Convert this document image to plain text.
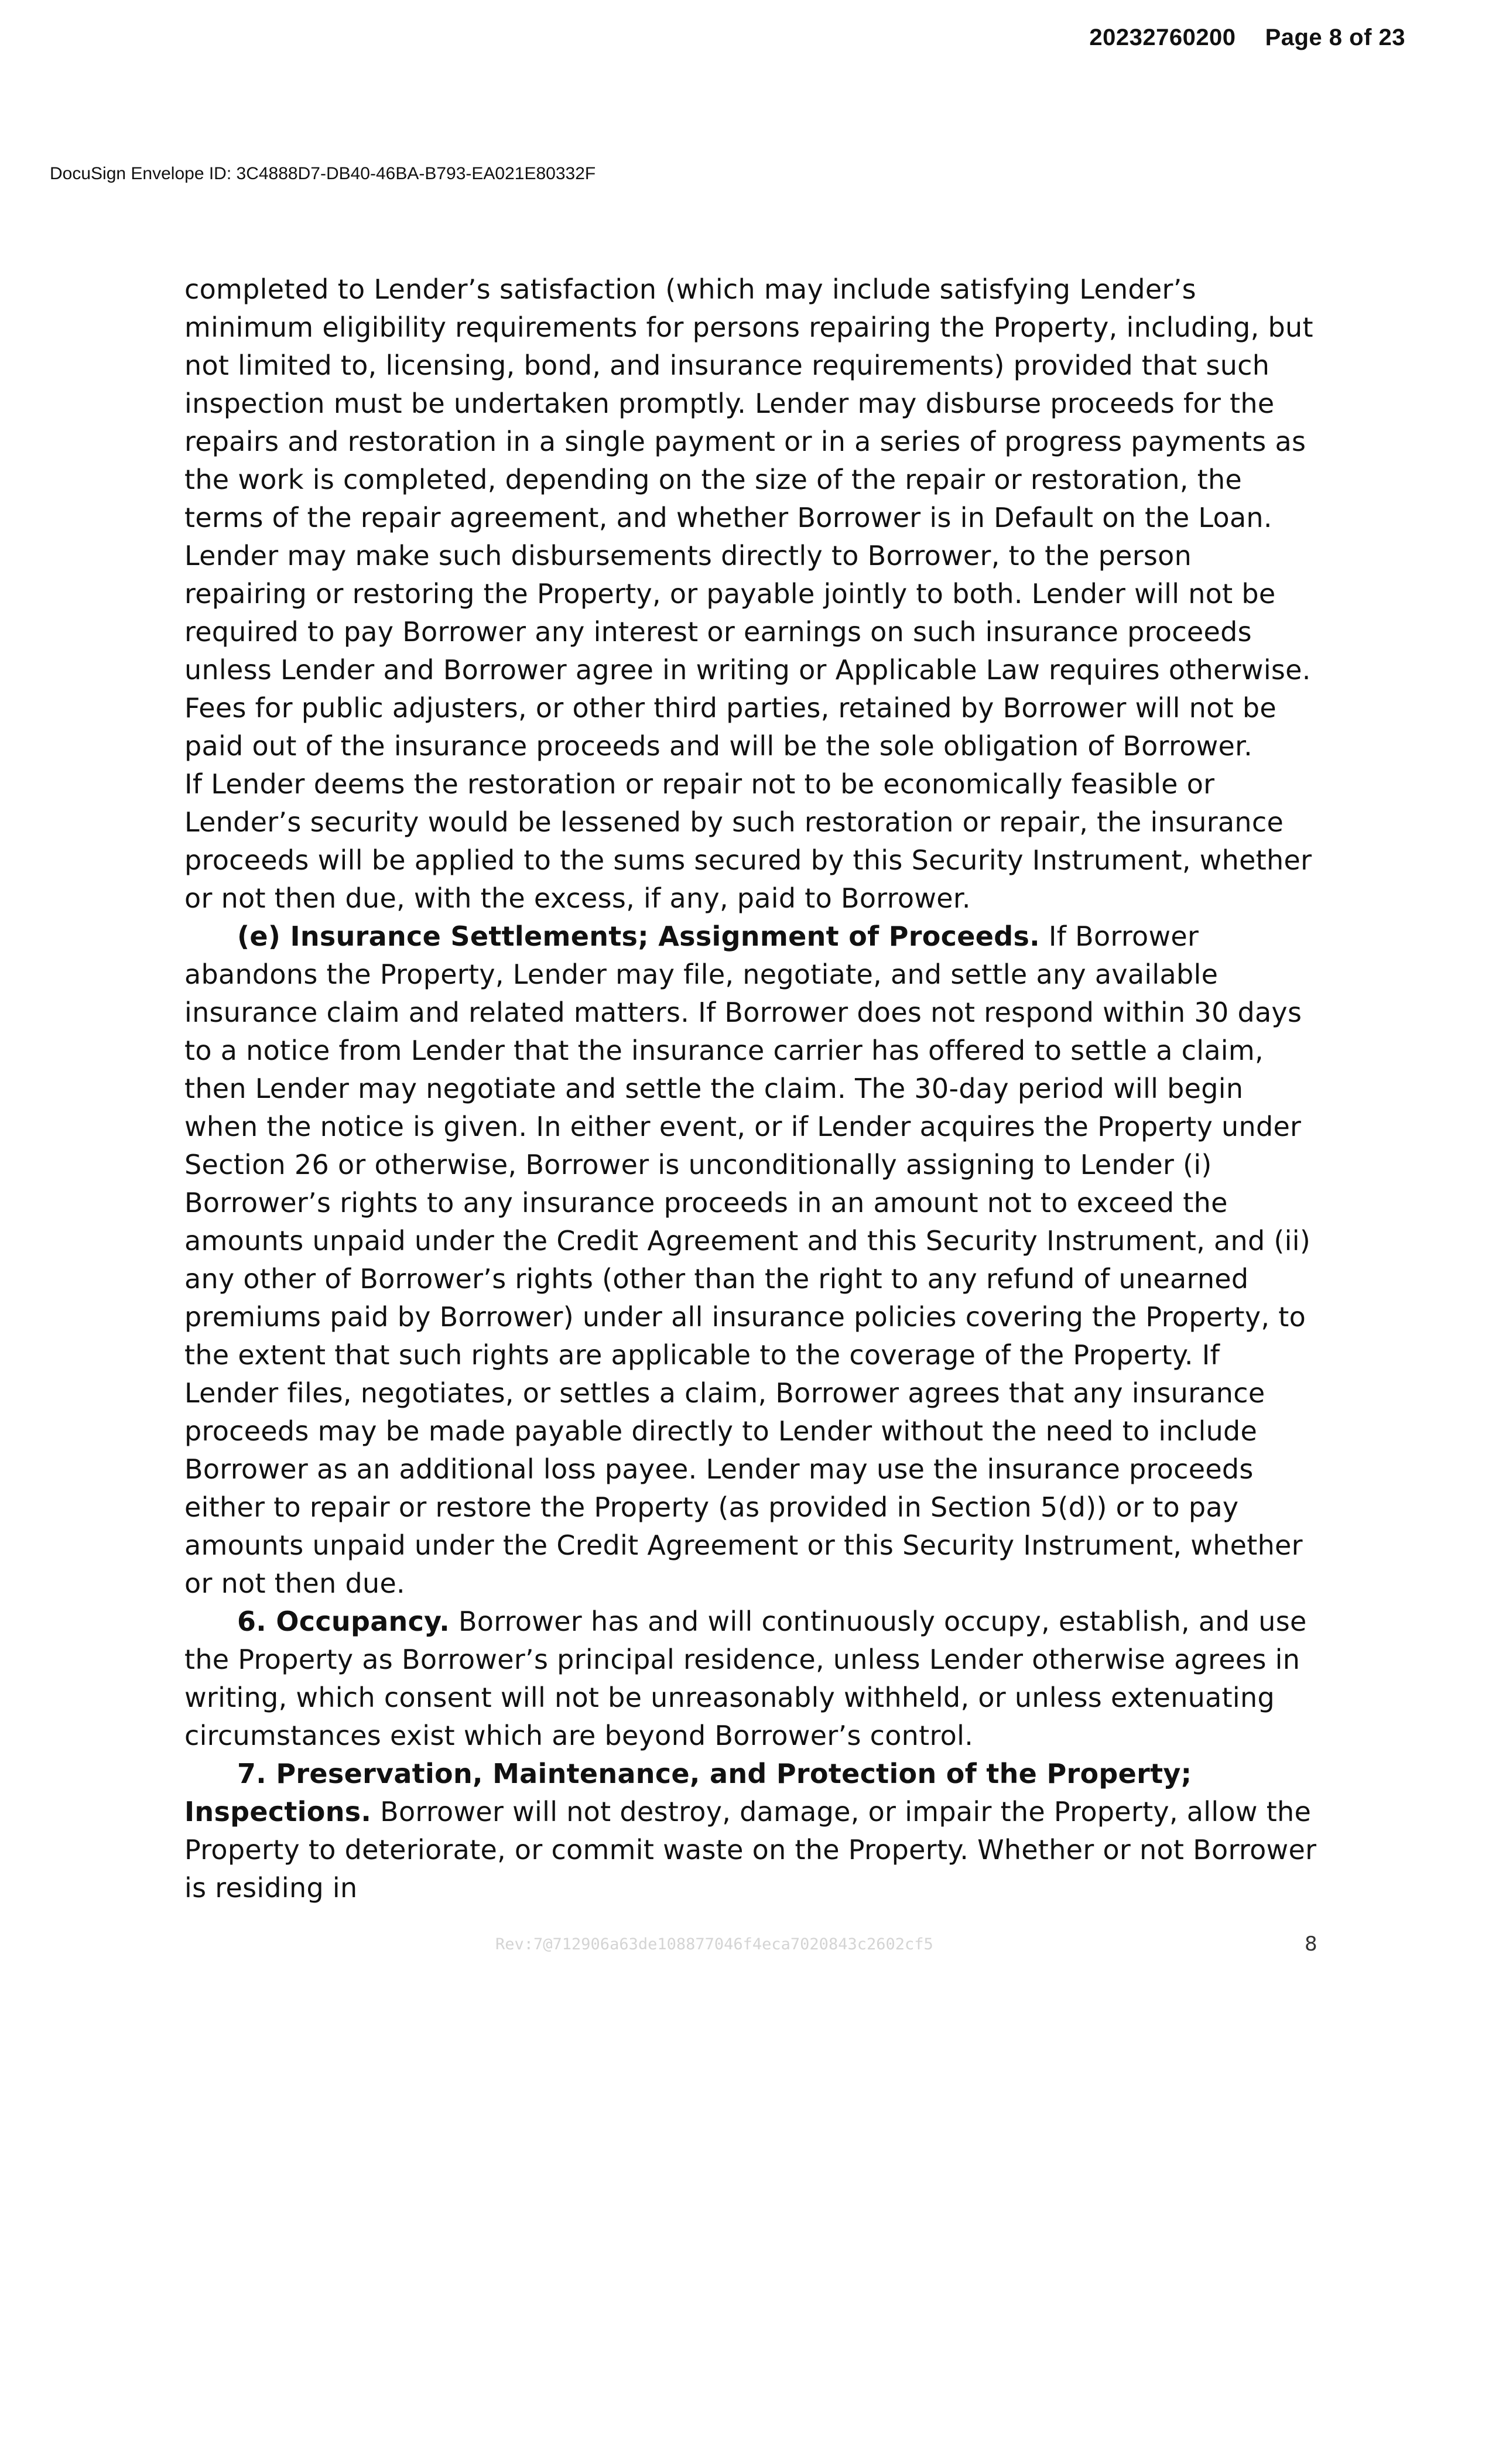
20232760200 Page 8 of 23
DocuSign Envelope ID: 3C4888D7-DB40-46BA-B793-EA021E80332F

completed to Lender’s satisfaction (which may include satisfying Lender’s minimum eligibility requirements for persons repairing the Property, including, but not limited to, licensing, bond, and insurance requirements) provided that such inspection must be undertaken promptly. Lender may disburse proceeds for the repairs and restoration in a single payment or in a series of progress payments as the work is completed, depending on the size of the repair or restoration, the terms of the repair agreement, and whether Borrower is in Default on the Loan. Lender may make such disbursements directly to Borrower, to the person repairing or restoring the Property, or payable jointly to both. Lender will not be required to pay Borrower any interest or earnings on such insurance proceeds unless Lender and Borrower agree in writing or Applicable Law requires otherwise. Fees for public adjusters, or other third parties, retained by Borrower will not be paid out of the insurance proceeds and will be the sole obligation of Borrower.

If Lender deems the restoration or repair not to be economically feasible or Lender’s security would be lessened by such restoration or repair, the insurance proceeds will be applied to the sums secured by this Security Instrument, whether or not then due, with the excess, if any, paid to Borrower.

(e) Insurance Settlements; Assignment of Proceeds. If Borrower abandons the Property, Lender may file, negotiate, and settle any available insurance claim and related matters. If Borrower does not respond within 30 days to a notice from Lender that the insurance carrier has offered to settle a claim, then Lender may negotiate and settle the claim. The 30-day period will begin when the notice is given. In either event, or if Lender acquires the Property under Section 26 or otherwise, Borrower is unconditionally assigning to Lender (i) Borrower’s rights to any insurance proceeds in an amount not to exceed the amounts unpaid under the Credit Agreement and this Security Instrument, and (ii) any other of Borrower’s rights (other than the right to any refund of unearned premiums paid by Borrower) under all insurance policies covering the Property, to the extent that such rights are applicable to the coverage of the Property. If Lender files, negotiates, or settles a claim, Borrower agrees that any insurance proceeds may be made payable directly to Lender without the need to include Borrower as an additional loss payee. Lender may use the insurance proceeds either to repair or restore the Property (as provided in Section 5(d)) or to pay amounts unpaid under the Credit Agreement or this Security Instrument, whether or not then due.

6. Occupancy. Borrower has and will continuously occupy, establish, and use the Property as Borrower’s principal residence, unless Lender otherwise agrees in writing, which consent will not be unreasonably withheld, or unless extenuating circumstances exist which are beyond Borrower’s control.

7. Preservation, Maintenance, and Protection of the Property; Inspections. Borrower will not destroy, damage, or impair the Property, allow the Property to deteriorate, or commit waste on the Property. Whether or not Borrower is residing in

Rev:7@712906a63de108877046f4eca7020843c2602cf5	8
